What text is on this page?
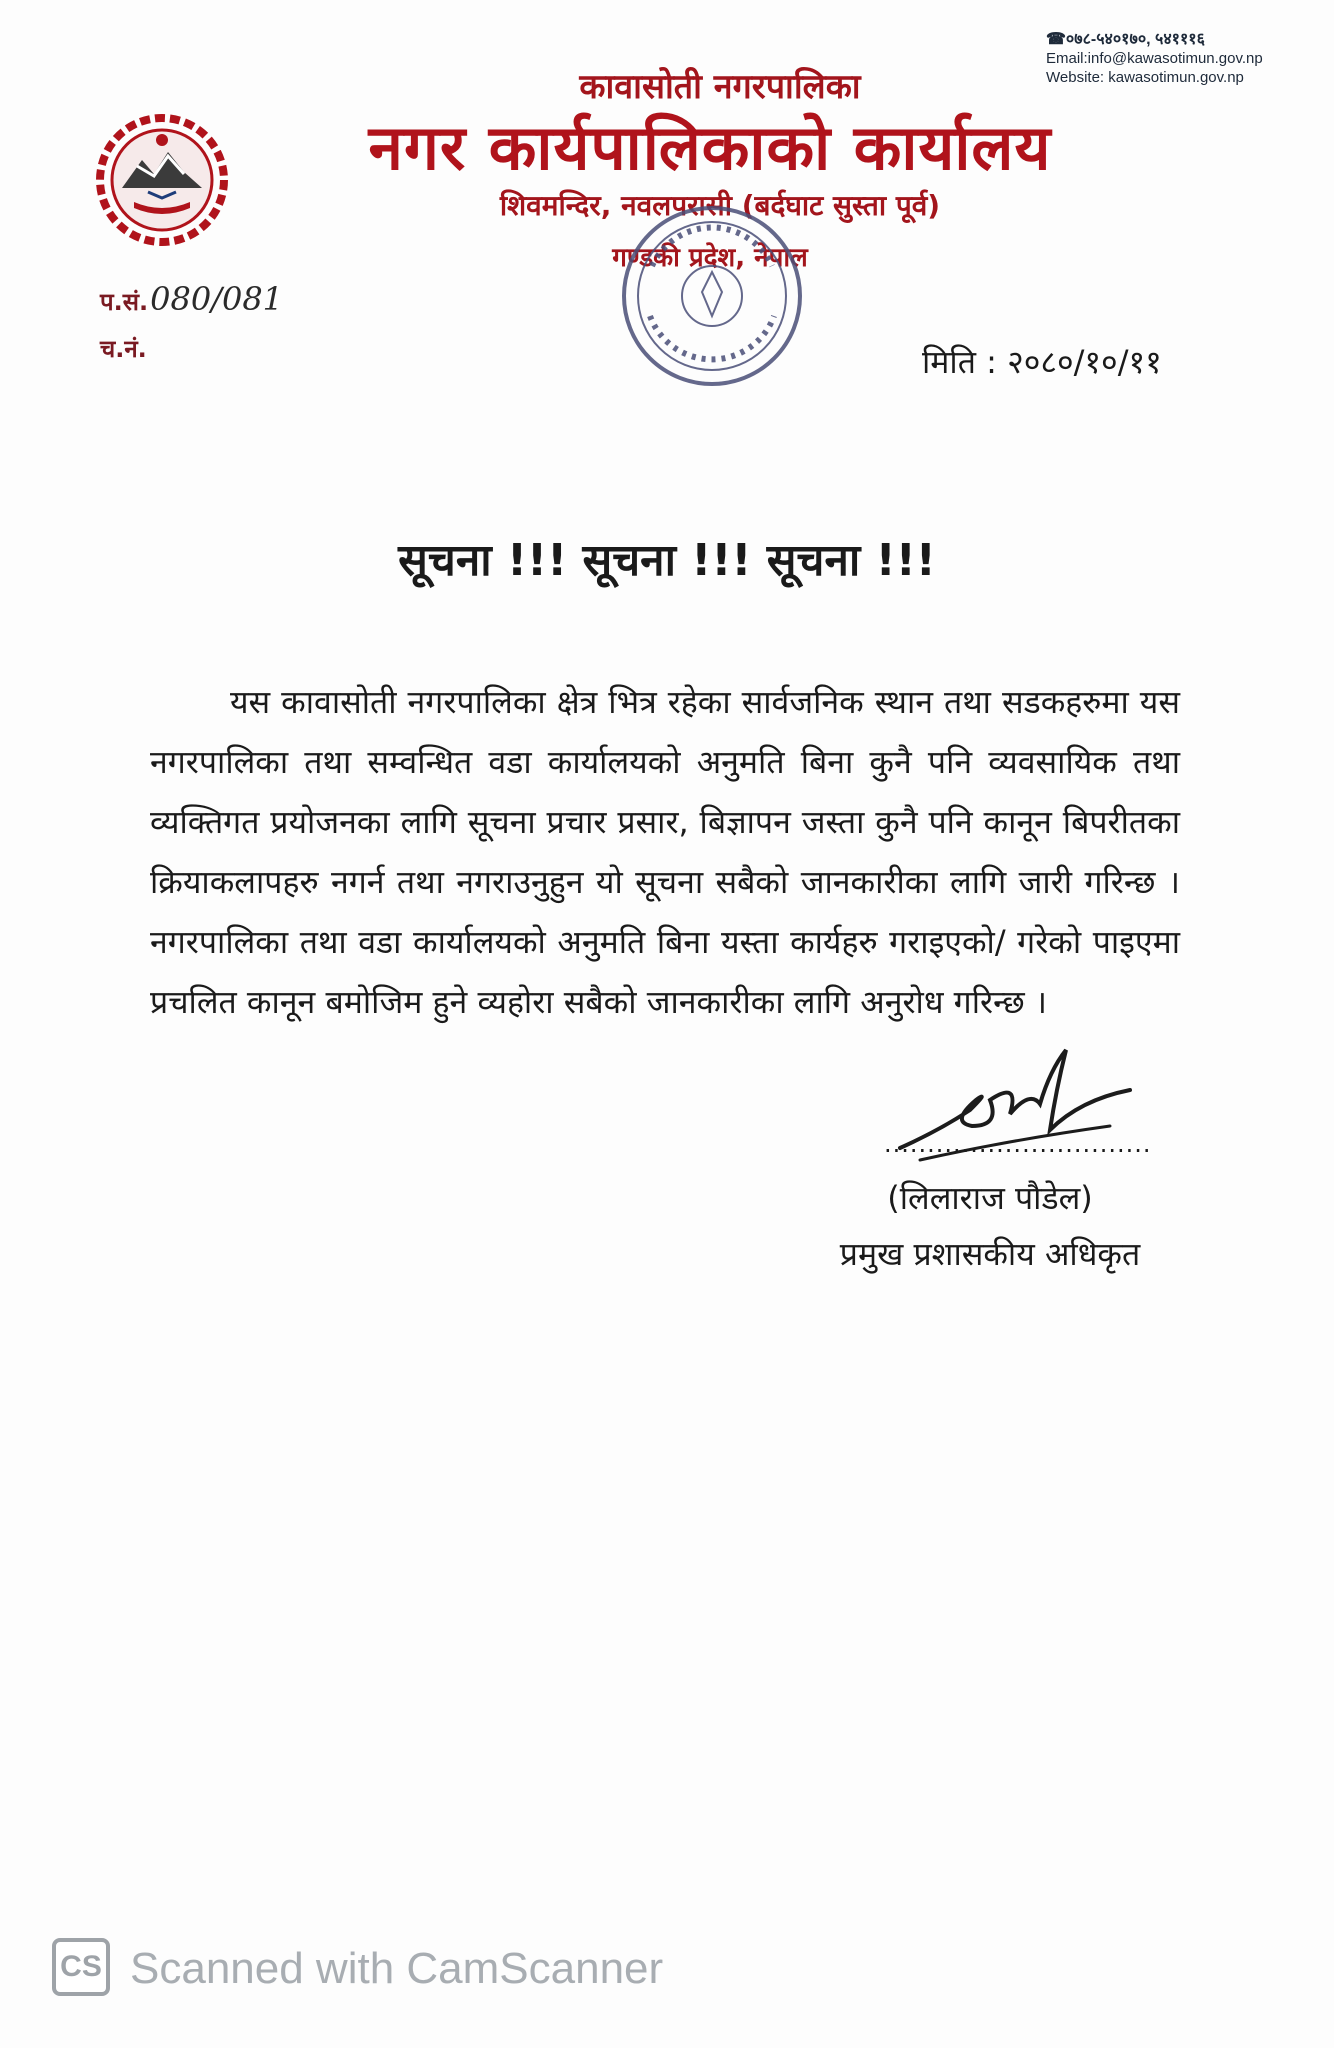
☎०७८-५४०१७०, ५४१११६
Email:info@kawasotimun.gov.np
Website: kawasotimun.gov.np
कावासोती नगरपालिका
नगर कार्यपालिकाको कार्यालय
शिवमन्दिर, नवलपरासी (बर्दघाट सुस्ता पूर्व)
गण्डकी प्रदेश, नेपाल
प.सं.080/081
च.नं.	मिति : २०८०/१०/११
सूचना !!! सूचना !!! सूचना !!!
यस कावासोती नगरपालिका क्षेत्र भित्र रहेका सार्वजनिक स्थान तथा सडकहरुमा यस नगरपालिका तथा सम्वन्धित वडा कार्यालयको अनुमति बिना कुनै पनि व्यवसायिक तथा व्यक्तिगत प्रयोजनका लागि सूचना प्रचार प्रसार, बिज्ञापन जस्ता कुनै पनि कानून बिपरीतका क्रियाकलापहरु नगर्न तथा नगराउनुहुन यो सूचना सबैको जानकारीका लागि जारी गरिन्छ । नगरपालिका तथा वडा कार्यालयको अनुमति बिना यस्ता कार्यहरु गराइएको/ गरेको पाइएमा प्रचलित कानून बमोजिम हुने व्यहोरा सबैको जानकारीका लागि अनुरोध गरिन्छ ।
...............................
(लिलाराज पौडेल)
प्रमुख प्रशासकीय अधिकृत
CS Scanned with CamScanner
